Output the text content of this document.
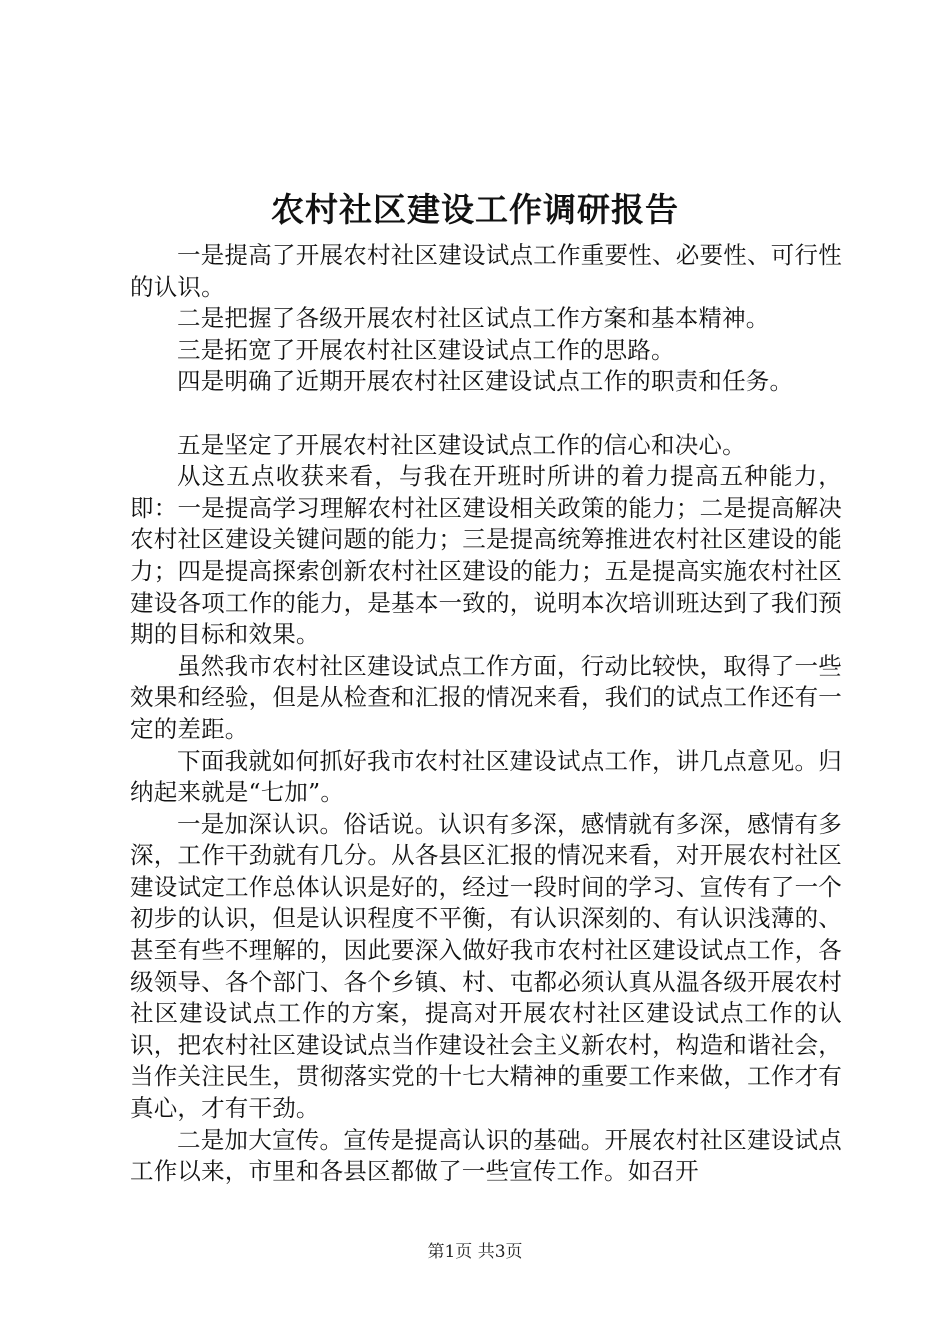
农村社区建设工作调研报告

一是提高了开展农村社区建设试点工作重要性、必要性、可行性的认识。

二是把握了各级开展农村社区试点工作方案和基本精神。

三是拓宽了开展农村社区建设试点工作的思路。

四是明确了近期开展农村社区建设试点工作的职责和任务。

五是坚定了开展农村社区建设试点工作的信心和决心。

从这五点收获来看，与我在开班时所讲的着力提高五种能力，即：一是提高学习理解农村社区建设相关政策的能力；二是提高解决农村社区建设关键问题的能力；三是提高统筹推进农村社区建设的能力；四是提高探索创新农村社区建设的能力；五是提高实施农村社区建设各项工作的能力，是基本一致的，说明本次培训班达到了我们预期的目标和效果。

虽然我市农村社区建设试点工作方面，行动比较快，取得了一些效果和经验，但是从检查和汇报的情况来看，我们的试点工作还有一定的差距。

下面我就如何抓好我市农村社区建设试点工作，讲几点意见。归纳起来就是“七加”。

一是加深认识。俗话说。认识有多深，感情就有多深，感情有多深，工作干劲就有几分。从各县区汇报的情况来看，对开展农村社区建设试定工作总体认识是好的，经过一段时间的学习、宣传有了一个初步的认识，但是认识程度不平衡，有认识深刻的、有认识浅薄的、甚至有些不理解的，因此要深入做好我市农村社区建设试点工作，各级领导、各个部门、各个乡镇、村、屯都必须认真从温各级开展农村社区建设试点工作的方案，提高对开展农村社区建设试点工作的认识，把农村社区建设试点当作建设社会主义新农村，构造和谐社会，当作关注民生，贯彻落实党的十七大精神的重要工作来做，工作才有真心，才有干劲。

二是加大宣传。宣传是提高认识的基础。开展农村社区建设试点工作以来，市里和各县区都做了一些宣传工作。如召开

第1页 共3页
